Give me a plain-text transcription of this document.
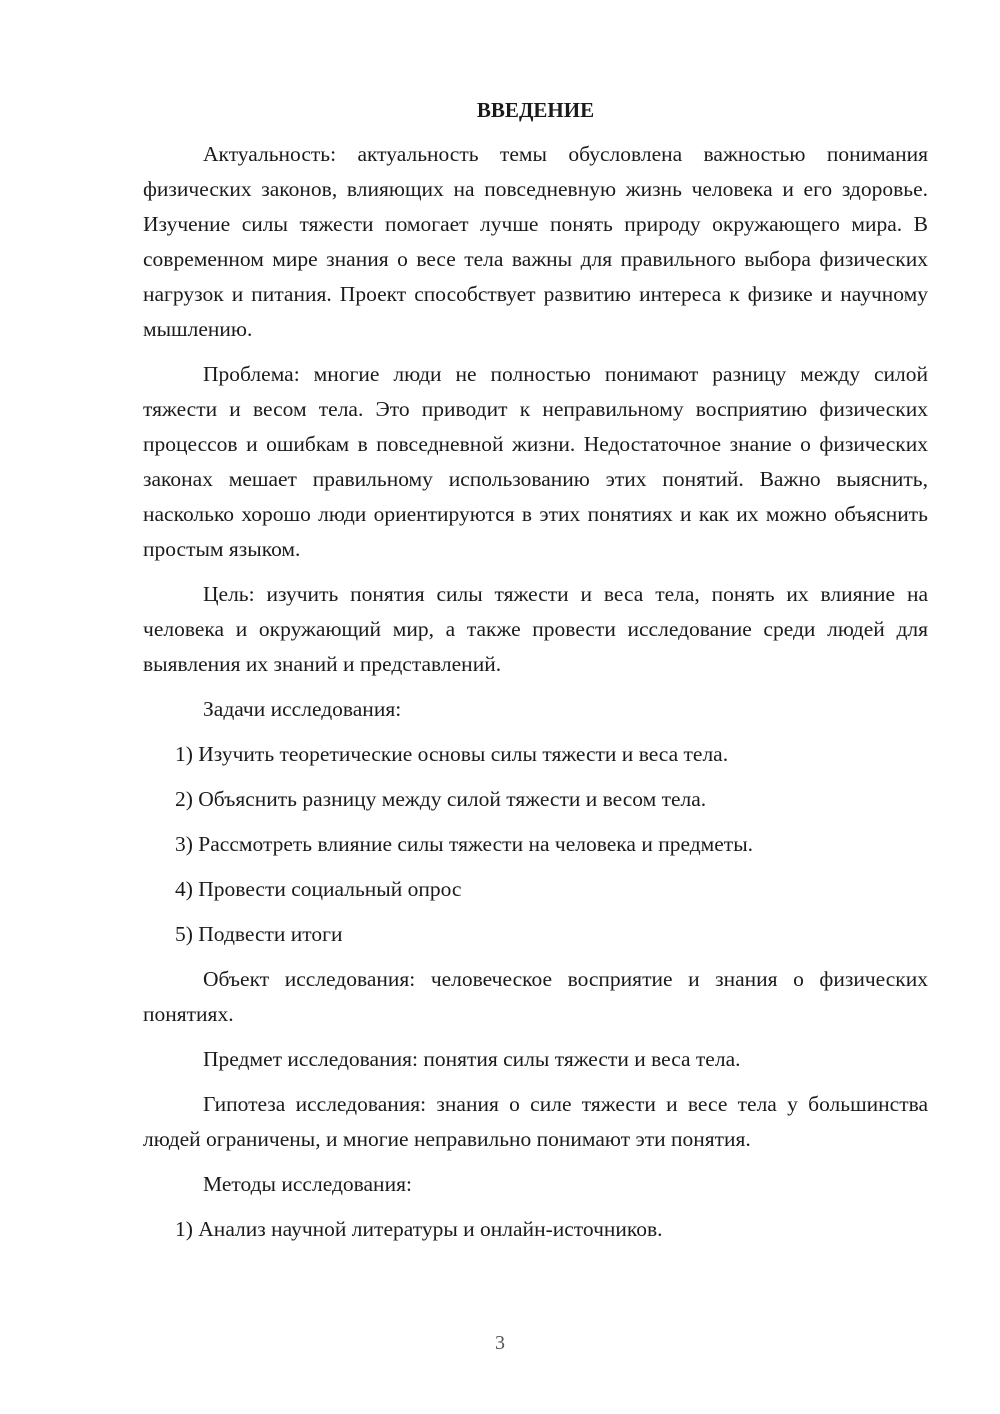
ВВЕДЕНИЕ

Актуальность: актуальность темы обусловлена важностью понимания физических законов, влияющих на повседневную жизнь человека и его здоровье. Изучение силы тяжести помогает лучше понять природу окружающего мира. В современном мире знания о весе тела важны для правильного выбора физических нагрузок и питания. Проект способствует развитию интереса к физике и научному мышлению.

Проблема: многие люди не полностью понимают разницу между силой тяжести и весом тела. Это приводит к неправильному восприятию физических процессов и ошибкам в повседневной жизни. Недостаточное знание о физических законах мешает правильному использованию этих понятий. Важно выяснить, насколько хорошо люди ориентируются в этих понятиях и как их можно объяснить простым языком.

Цель: изучить понятия силы тяжести и веса тела, понять их влияние на человека и окружающий мир, а также провести исследование среди людей для выявления их знаний и представлений.

Задачи исследования:

1) Изучить теоретические основы силы тяжести и веса тела.

2) Объяснить разницу между силой тяжести и весом тела.

3) Рассмотреть влияние силы тяжести на человека и предметы.

4) Провести социальный опрос

5) Подвести итоги

Объект исследования: человеческое восприятие и знания о физических понятиях.

Предмет исследования: понятия силы тяжести и веса тела.

Гипотеза исследования: знания о силе тяжести и весе тела у большинства людей ограничены, и многие неправильно понимают эти понятия.

Методы исследования:

1) Анализ научной литературы и онлайн-источников.

3
